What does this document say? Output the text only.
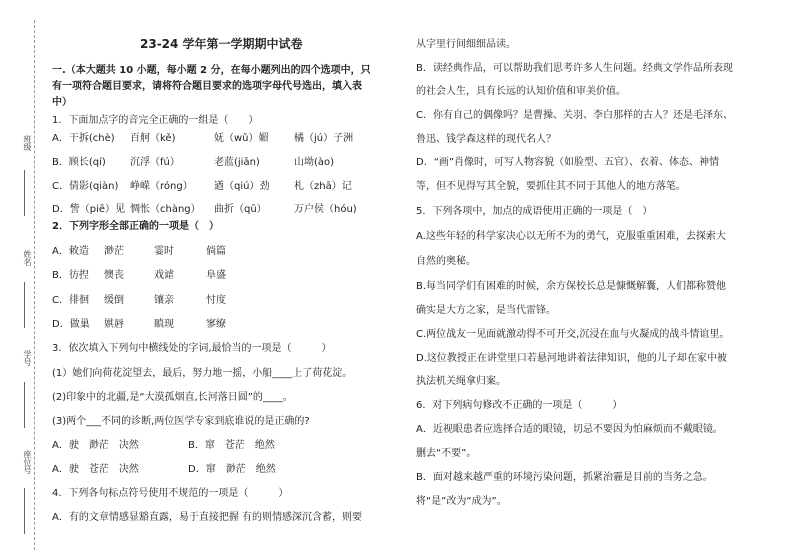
班级
姓名
学号
座位号
23-24 学年第一学期期中试卷
一.（本大题共 10 小题，每小题 2 分，在每小题列出的四个选项中，只
有一项符合题目要求，请将符合题目要求的选项字母代号选出，填入表
中）
1．下面加点字的音完全正确的一组是（　　）
A．干拆(chè)	百舸（kě)	妩（wǔ）媚	橘（jú）子洲
B．顾长(qí)	沉浮（fú）	老蓝(jiān)	山坳(ào)
C．倩影(qiàn)	峥嵘（róng）	遒（qiú）劲	札（zhā）记
D．訾（piē）见 惆怅（chàng）	曲折（qū）	万户侯（hóu)
2．下列字形全部正确的一项是（　）
A．敕造	渺茫	霎时	倘篇
B．彷揑	懊丧	戏谑	阜盛
C．徘徊	缓倒	镶亲	忖度
D．做巢	娸唇	瞋现	寥缭
3．依次填入下列句中横线处的字词,最恰当的一项是（　　　）
(1）她们向荷花淀望去，最后，努力地一摇，小船____上了荷花淀。
(2)印象中的北疆,是“大漠孤烟直,长河落日圆”的____。
(3)两个___不同的诊断,两位医学专家到底谁说的是正确的?
A．驶　渺茫　决然	B．窜　苍茫　绝然
A．驶　苍茫　决然	D．窜　渺茫　绝然
4．下列各句标点符号使用不规范的一项是（　　　）
A．有的文章情感显豁直露，易于直接把握 有的则情感深沉含蓄，则要
从字里行间细细品读。
B．读经典作品，可以帮助我们思考许多人生问题。经典文学作品所表现
的社会人生，具有长远的认知价值和审美价值。
C．你有自己的偶像吗？是曹操、关羽、李白那样的古人？还是毛泽东、
鲁迅、钱学森这样的现代名人？
D．“画”肖像时，可写人物容貌（如脸型、五官）、衣着、体态、神情
等，但不见得写其全貌，要抓住其不同于其他人的地方落笔。
5．下列各项中，加点的成语使用正确的一项是（　）
A.这些年轻的科学家决心以无所不为的勇气，克服重重困难，去探索大
自然的奥秘。
B.每当同学们有困难的时候，余方保校长总是慷慨解囊，人们都称赞他
确实是大方之家，是当代雷锋。
C.两位战友一见面就激动得不可开交,沉浸在血与火凝成的战斗情谊里。
D.这位教授正在讲堂里口若悬河地讲着法律知识，他的儿子却在家中被
执法机关绳拿归案。
6．对下列病句修改不正确的一项是（　　　）
A．近视眼患者应选择合适的眼镜，切忌不要因为怕麻烦而不戴眼镜。
删去“不要”。
B．面对越来越严重的环境污染问题，抓紧治霾是目前的当务之急。
将“是”改为“成为”。
